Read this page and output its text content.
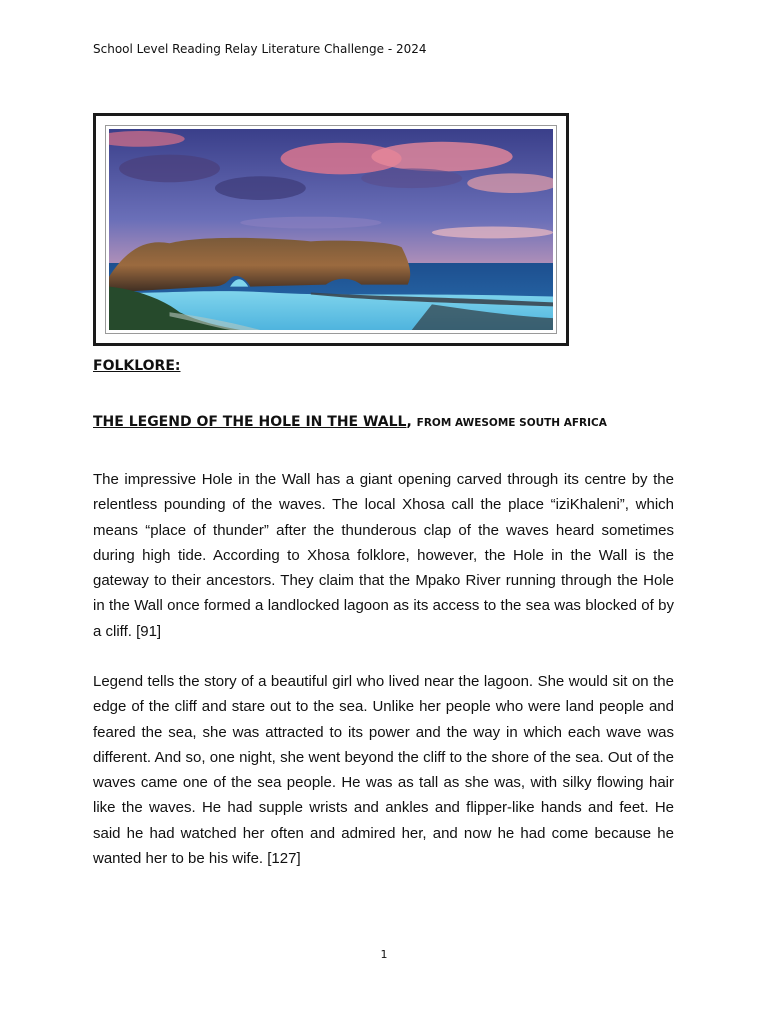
School Level Reading Relay Literature Challenge - 2024
FOLKLORE:
THE LEGEND OF THE HOLE IN THE WALL, FROM AWESOME SOUTH AFRICA

The impressive Hole in the Wall has a giant opening carved through its centre by the relentless pounding of the waves. The local Xhosa call the place “iziKhaleni”, which means “place of thunder” after the thunderous clap of the waves heard sometimes during high tide. According to Xhosa folklore, however, the Hole in the Wall is the gateway to their ancestors. They claim that the Mpako River running through the Hole in the Wall once formed a landlocked lagoon as its access to the sea was blocked of by a cliff. [91]

Legend tells the story of a beautiful girl who lived near the lagoon. She would sit on the edge of the cliff and stare out to the sea. Unlike her people who were land people and feared the sea, she was attracted to its power and the way in which each wave was different. And so, one night, she went beyond the cliff to the shore of the sea. Out of the waves came one of the sea people. He was as tall as she was, with silky flowing hair like the waves. He had supple wrists and ankles and flipper-like hands and feet. He said he had watched her often and admired her, and now he had come because he wanted her to be his wife. [127]

1
